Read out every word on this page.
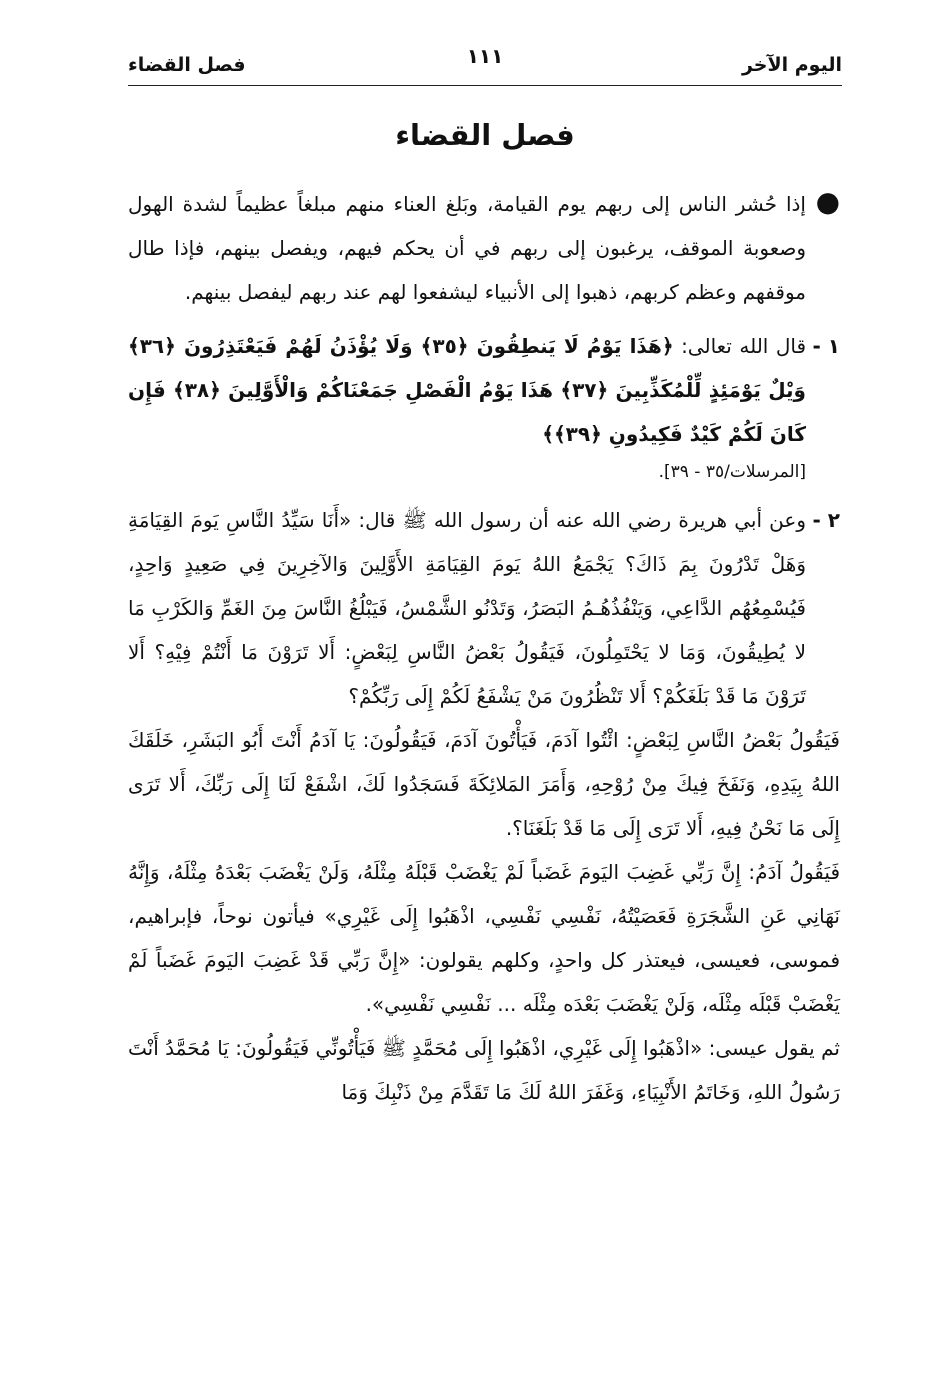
اليوم الآخر
١١١
فصل القضاء
فصل القضاء
●

إذا حُشر الناس إلى ربهم يوم القيامة، وبَلغ العناء منهم مبلغاً عظيماً لشدة الهول وصعوبة الموقف، يرغبون إلى ربهم في أن يحكم فيهم، ويفصل بينهم، فإذا طال موقفهم وعظم كربهم، ذهبوا إلى الأنبياء ليشفعوا لهم عند ربهم ليفصل بينهم.

١ -

قال الله تعالى: ﴿هَذَا يَوْمُ لَا يَنطِقُونَ ﴿٣٥﴾ وَلَا يُؤْذَنُ لَهُمْ فَيَعْتَذِرُونَ ﴿٣٦﴾ وَيْلٌ يَوْمَئِذٍ لِّلْمُكَذِّبِينَ ﴿٣٧﴾ هَذَا يَوْمُ الْفَصْلِ جَمَعْنَاكُمْ وَالْأَوَّلِينَ ﴿٣٨﴾ فَإِن كَانَ لَكُمْ كَيْدٌ فَكِيدُونِ ﴿٣٩﴾﴾

[المرسلات/٣٥ - ٣٩].
٢ -

وعن أبي هريرة رضي الله عنه أن رسول الله ﷺ قال: «أَنَا سَيِّدُ النَّاسِ يَومَ القِيَامَةِ وَهَلْ تَدْرُونَ بِمَ ذَاكَ؟ يَجْمَعُ اللهُ يَومَ القِيَامَةِ الأَوَّلِينَ وَالآخِرِينَ فِي صَعِيدٍ وَاحِدٍ، فَيُسْمِعُهُم الدَّاعِي، وَيَنْفُذُهُـمُ البَصَرُ، وَتَدْنُو الشَّمْسُ، فَيَبْلُغُ النَّاسَ مِنَ الغَمِّ وَالكَرْبِ مَا لا يُطِيقُونَ، وَمَا لا يَحْتَمِلُونَ، فَيَقُولُ بَعْضُ النَّاسِ لِبَعْضٍ: أَلا تَرَوْنَ مَا أَنْتُمْ فِيْهِ؟ أَلا تَرَوْنَ مَا قَدْ بَلَغَكُمْ؟ أَلا تَنْظُرُونَ مَنْ يَشْفَعُ لَكُمْ إِلَى رَبِّكُمْ؟

فَيَقُولُ بَعْضُ النَّاسِ لِبَعْضٍ: ائْتُوا آدَمَ، فَيَأْتُونَ آدَمَ، فَيَقُولُونَ: يَا آدَمُ أَنْتَ أَبُو البَشَرِ، خَلَقَكَ اللهُ بِيَدِهِ، وَنَفَخَ فِيكَ مِنْ رُوْحِهِ، وَأَمَرَ المَلائِكَةَ فَسَجَدُوا لَكَ، اشْفَعْ لَنَا إِلَى رَبِّكَ، أَلا تَرَى إِلَى مَا نَحْنُ فِيهِ، أَلا تَرَى إِلَى مَا قَدْ بَلَغَنَا؟.

فَيَقُولُ آدَمُ: إِنَّ رَبِّي غَضِبَ اليَومَ غَضَباً لَمْ يَغْضَبْ قَبْلَهُ مِثْلَهُ، وَلَنْ يَغْضَبَ بَعْدَهُ مِثْلَهُ، وَإِنَّهُ نَهَانِي عَنِ الشَّجَرَةِ فَعَصَيْتُهُ، نَفْسِي نَفْسِي، اذْهَبُوا إِلَى غَيْرِي» فيأتون نوحاً، فإبراهيم، فموسى، فعيسى، فيعتذر كل واحدٍ، وكلهم يقولون: «إِنَّ رَبِّي قَدْ غَضِبَ اليَومَ غَضَباً لَمْ يَغْضَبْ قَبْلَه مِثْلَه، وَلَنْ يَغْضَبَ بَعْدَه مِثْلَه ... نَفْسِي نَفْسِي».

ثم يقول عيسى: «اذْهَبُوا إِلَى غَيْرِي، اذْهَبُوا إِلَى مُحَمَّدٍ ﷺ فَيَأْتُونِّي فَيَقُولُونَ: يَا مُحَمَّدُ أَنْتَ رَسُولُ اللهِ، وَخَاتَمُ الأَنْبِيَاءِ، وَغَفَرَ اللهُ لَكَ مَا تَقَدَّمَ مِنْ ذَنْبِكَ وَمَا
